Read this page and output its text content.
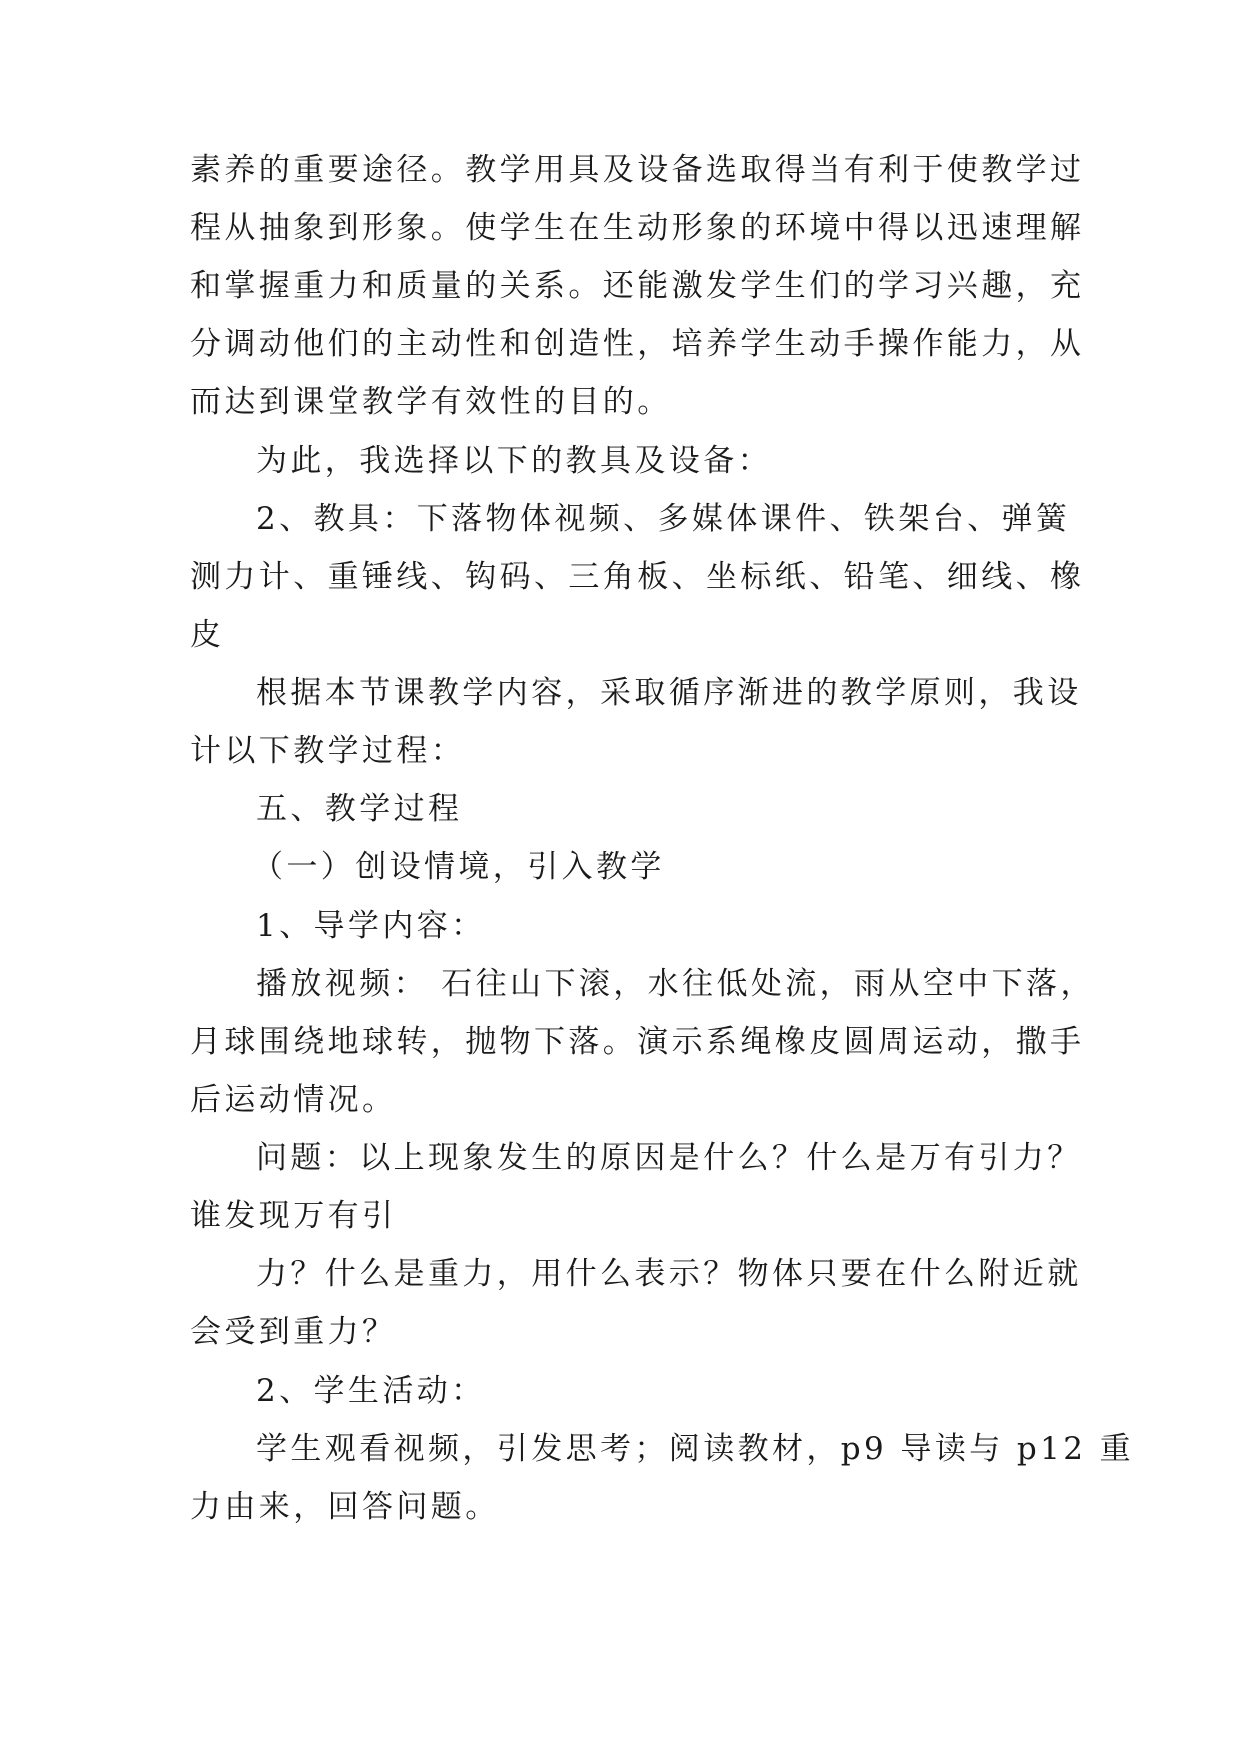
素养的重要途径。教学用具及设备选取得当有利于使教学过
程从抽象到形象。使学生在生动形象的环境中得以迅速理解
和掌握重力和质量的关系。还能激发学生们的学习兴趣，充
分调动他们的主动性和创造性，培养学生动手操作能力，从
而达到课堂教学有效性的目的。
为此，我选择以下的教具及设备：
2、教具：下落物体视频、多媒体课件、铁架台、弹簧
测力计、重锤线、钩码、三角板、坐标纸、铅笔、细线、橡
皮
根据本节课教学内容，采取循序渐进的教学原则，我设
计以下教学过程：
五、教学过程
（一）创设情境，引入教学
1、导学内容：
播放视频： 石往山下滚，水往低处流，雨从空中下落，
月球围绕地球转，抛物下落。演示系绳橡皮圆周运动，撒手
后运动情况。
问题：以上现象发生的原因是什么？什么是万有引力？
谁发现万有引
力？什么是重力，用什么表示？物体只要在什么附近就
会受到重力？
2、学生活动：
学生观看视频，引发思考；阅读教材，p9 导读与 p12 重
力由来，回答问题。
